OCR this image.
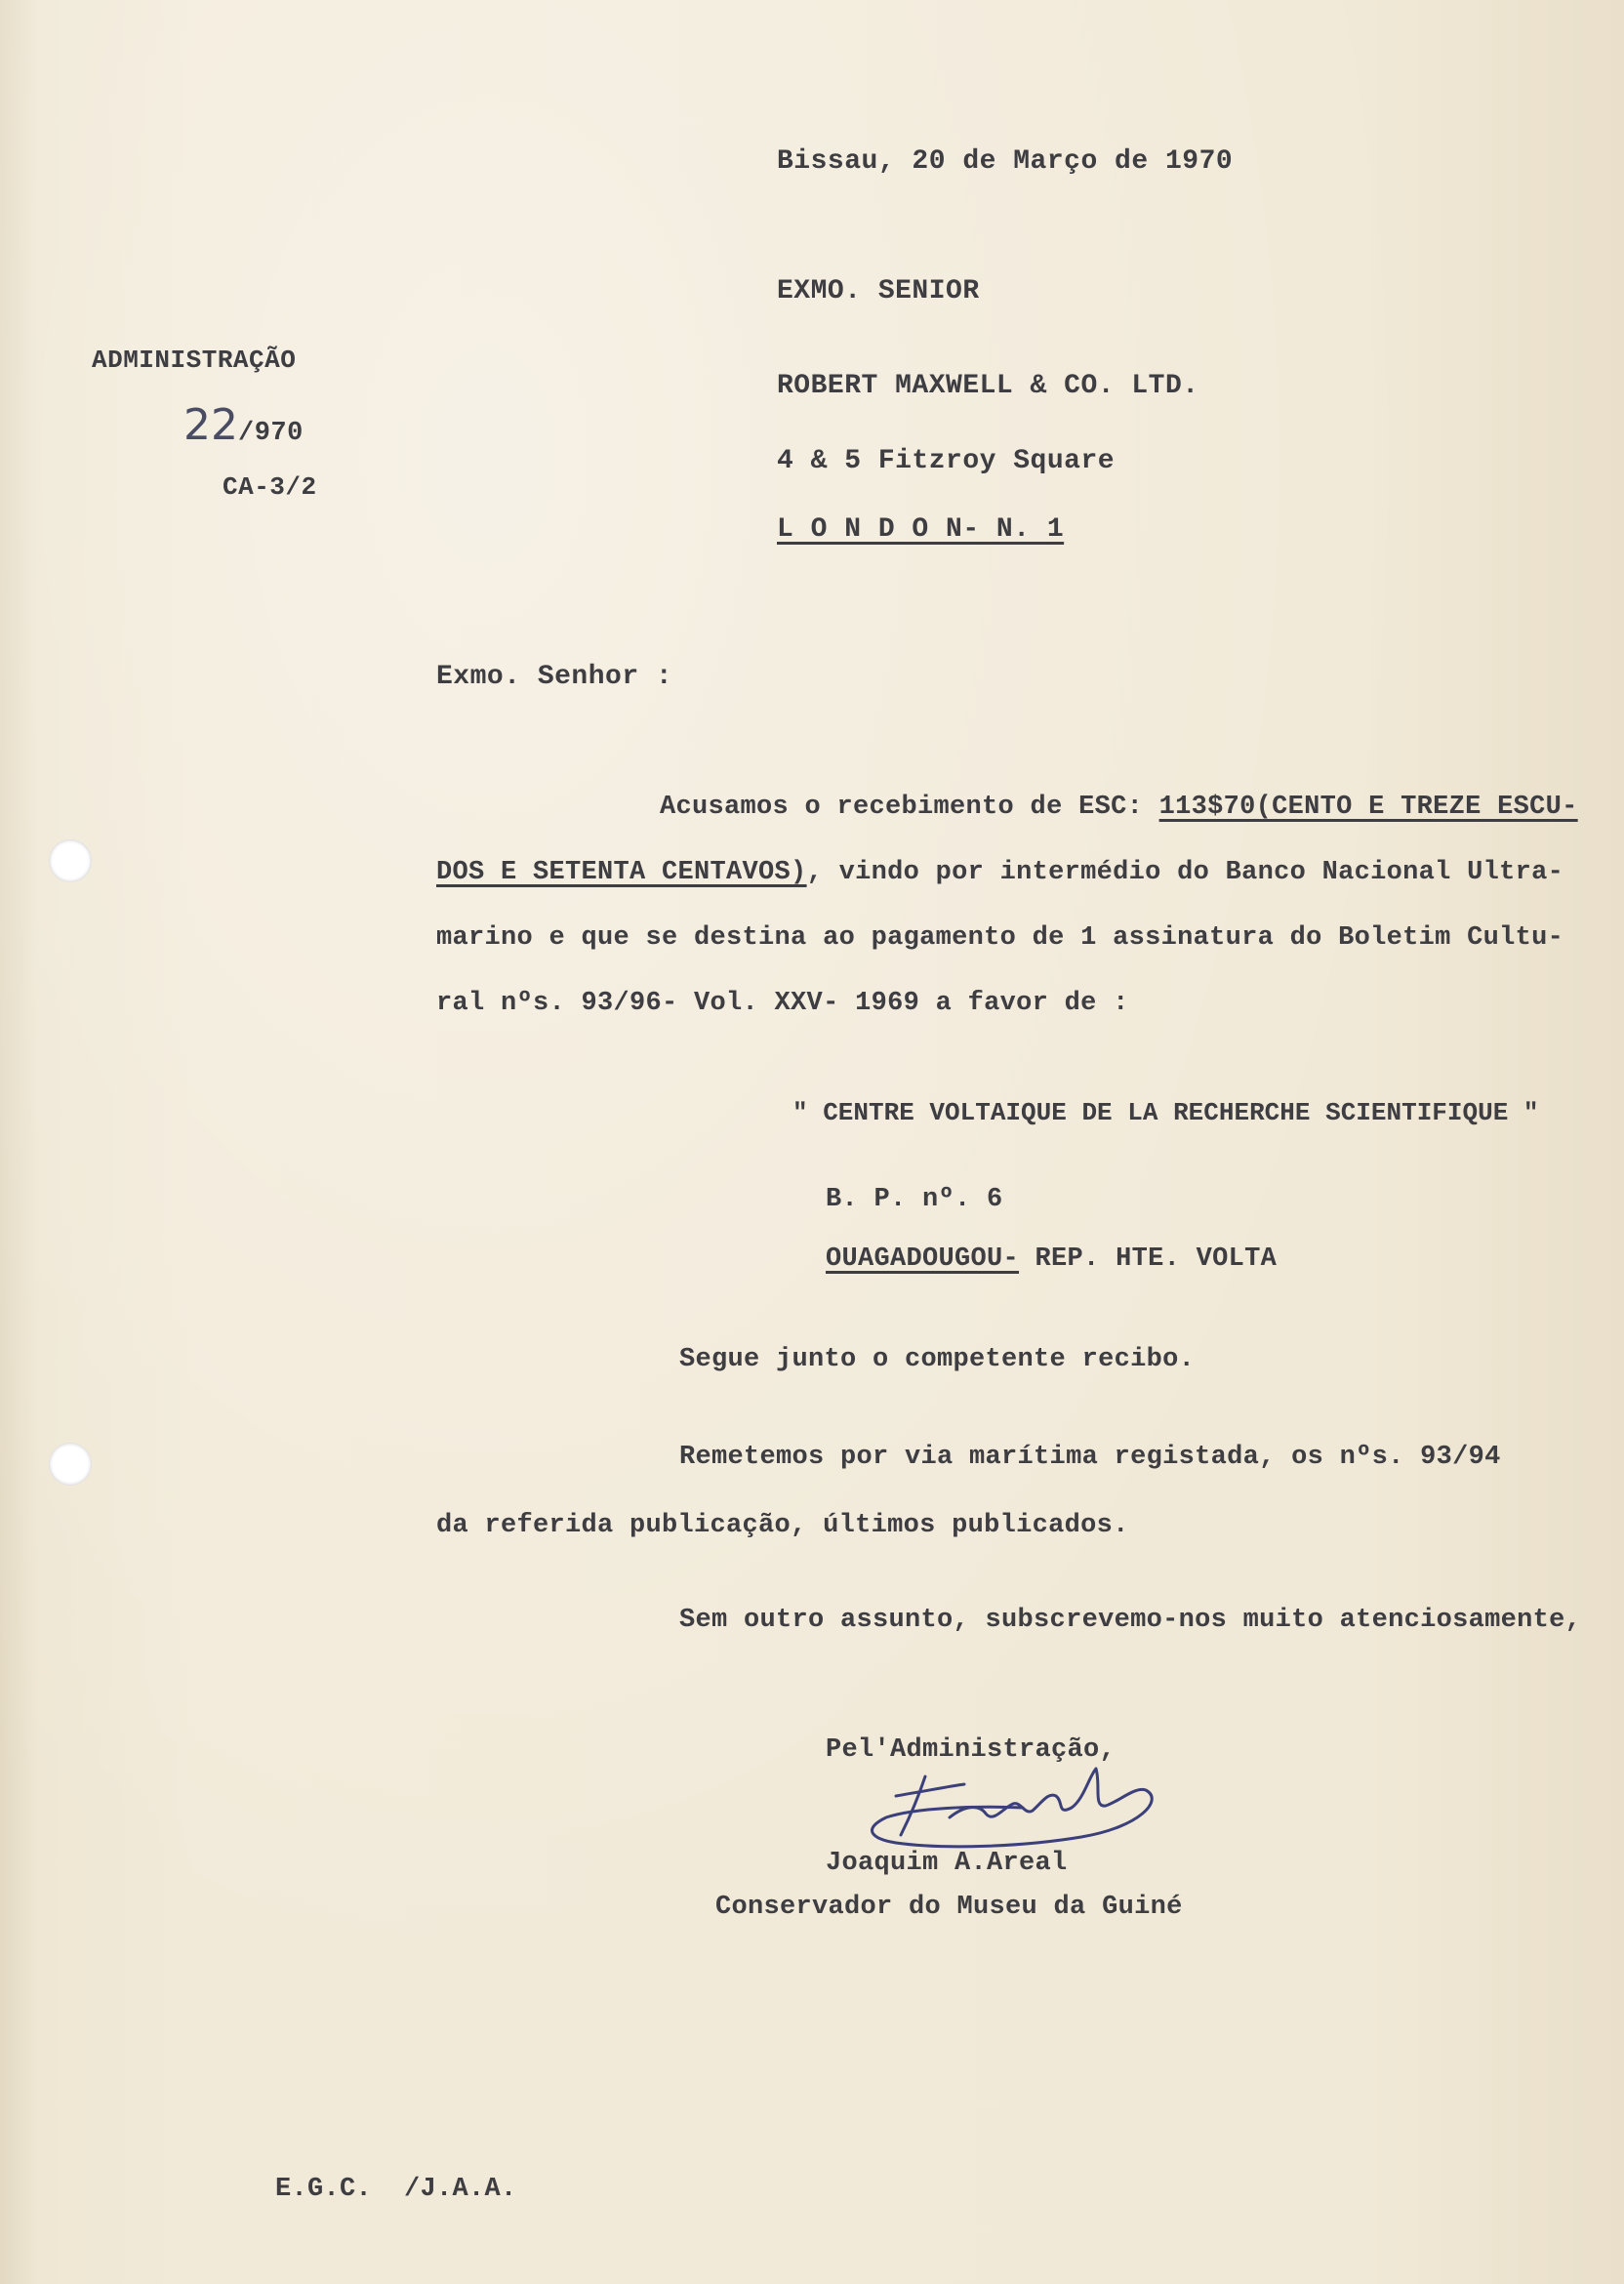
Bissau, 20 de Março de 1970
EXMO. SENIOR
ROBERT MAXWELL & CO. LTD.
4 & 5 Fitzroy Square
L O N D O N- N. 1
ADMINISTRAÇÃO
22/970
CA-3/2
Exmo. Senhor :
Acusamos o recebimento de ESC: 113$70(CENTO E TREZE ESCU-
DOS E SETENTA CENTAVOS), vindo por intermédio do Banco Nacional Ultra-
marino e que se destina ao pagamento de 1 assinatura do Boletim Cultu-
ral nºs. 93/96- Vol. XXV- 1969 a favor de :
" CENTRE VOLTAIQUE DE LA RECHERCHE SCIENTIFIQUE "
B. P. nº. 6
OUAGADOUGOU- REP. HTE. VOLTA
Segue junto o competente recibo.
Remetemos por via marítima registada, os nºs. 93/94
da referida publicação, últimos publicados.
Sem outro assunto, subscrevemo-nos muito atenciosamente,
Pel'Administração,
Joaquim A.Areal
Conservador do Museu da Guiné
E.G.C.  /J.A.A.
